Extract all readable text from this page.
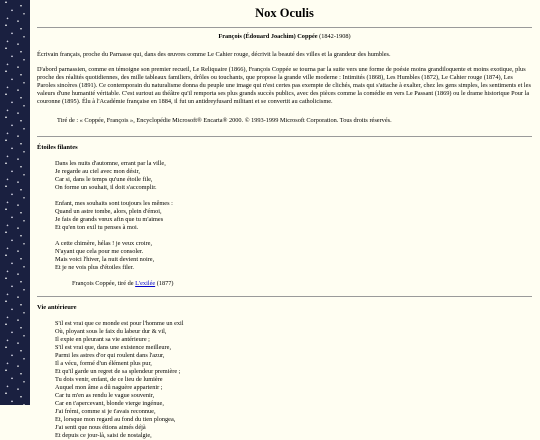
Nox Oculis
François (Édouard Joachim) Coppée (1842-1908)

Écrivain français, proche du Parnasse qui, dans des œuvres comme Le Cahier rouge, décrivit la beauté des villes et la grandeur des humbles.

D'abord parnassien, comme en témoigne son premier recueil, Le Reliquaire (1866), François Coppée se tourna par la suite vers une forme de poésie moins grandiloquente et moins exotique, plus proche des réalités quotidiennes, des mille tableaux familiers, drôles ou touchants, que propose la grande ville moderne : Intimités (1868), Les Humbles (1872), Le Cahier rouge (1874), Les Paroles sincères (1891). Ce contemporain du naturalisme donna du peuple une image qui n'est certes pas exempte de clichés, mais qui s'attache à exalter, chez les gens simples, les sentiments et les valeurs d'une humanité véritable. C'est surtout au théâtre qu'il remporta ses plus grands succès publics, avec des pièces comme la comédie en vers Le Passant (1869) ou le drame historique Pour la couronne (1895). Élu à l'Académie française en 1884, il fut un antidreyfusard militant et se convertit au catholicisme.

Tiré de : « Coppée, François », Encyclopédie Microsoft® Encarta® 2000. © 1993-1999 Microsoft Corporation. Tous droits réservés.
Étoiles filantes
Dans les nuits d'automne, errant par la ville,
Je regarde au ciel avec mon désir,
Car si, dans le temps qu'une étoile file,
On forme un souhait, il doit s'accomplir.
Enfant, mes souhaits sont toujours les mêmes :
Quand un astre tombe, alors, plein d'émoi,
Je fais de grands vœux afin que tu m'aimes
Et qu'en ton exil tu penses à moi.
A cette chimère, hélas ! je veux croire,
N'ayant que cela pour me consoler.
Mais voici l'hiver, la nuit devient noire,
Et je ne vois plus d'étoiles filer.
François Coppée, tiré de L'exilée (1877)
Vie antérieure
S'il est vrai que ce monde est pour l'homme un exil
Où, ployant sous le faix du labeur dur & vil,
Il expie en pleurant sa vie antérieure ;
S'il est vrai que, dans une existence meilleure,
Parmi les astres d'or qui roulent dans l'azur,
Il a vécu, formé d'un élément plus pur,
Et qu'il garde un regret de sa splendeur première ;
Tu dois venir, enfant, de ce lieu de lumière
Auquel mon âme a dû naguère appartenir ;
Car tu m'en as rendu le vague souvenir,
Car en t'apercevant, blonde vierge ingénue,
J'ai frémi, comme si je t'avais reconnue,
Et, lorsque mon regard au fond du tien plongea,
J'ai senti que nous étions aimés déjà
Et depuis ce jour-là, saisi de nostalgie,
